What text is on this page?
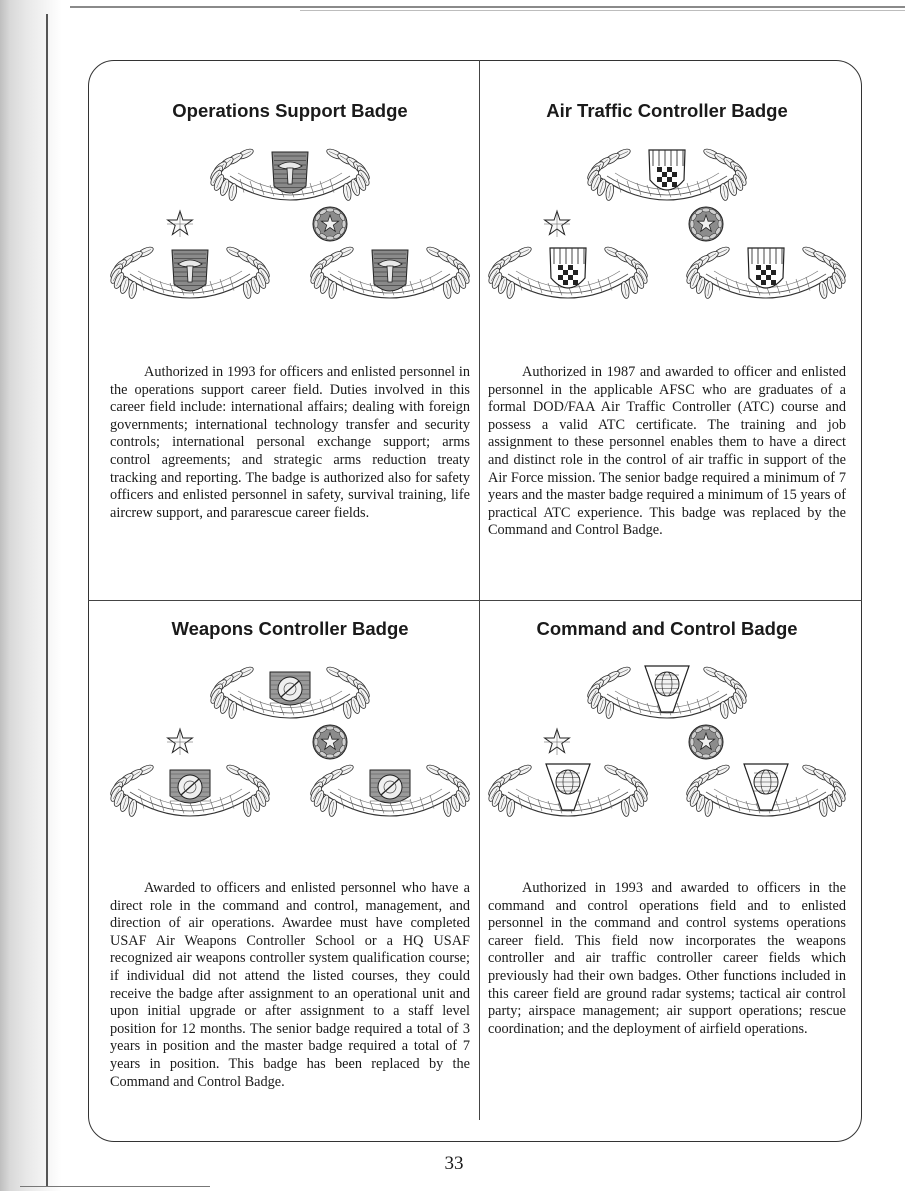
Operations Support Badge

Authorized in 1993 for officers and enlisted personnel in the operations support career field. Duties involved in this career field include: international affairs; dealing with foreign governments; international technology transfer and security controls; international personal exchange support; arms control agreements; and strategic arms reduction treaty tracking and reporting. The badge is authorized also for safety officers and enlisted personnel in safety, survival training, life aircrew support, and pararescue career fields.

Air Traffic Controller Badge

Authorized in 1987 and awarded to officer and enlisted personnel in the applicable AFSC who are graduates of a formal DOD/FAA Air Traffic Controller (ATC) course and possess a valid ATC certificate. The training and job assignment to these personnel enables them to have a direct and distinct role in the control of air traffic in support of the Air Force mission. The senior badge required a minimum of 7 years and the master badge required a minimum of 15 years of practical ATC experience. This badge was replaced by the Command and Control Badge.

Weapons Controller Badge

Awarded to officers and enlisted personnel who have a direct role in the command and control, management, and direction of air operations. Awardee must have completed USAF Air Weapons Controller School or a HQ USAF recognized air weapons controller system qualification course; if individual did not attend the listed courses, they could receive the badge after assignment to an operational unit and upon initial upgrade or after assignment to a staff level position for 12 months. The senior badge required a total of 3 years in position and the master badge required a total of 7 years in position. This badge has been replaced by the Command and Control Badge.

Command and Control Badge

Authorized in 1993 and awarded to officers in the command and control operations field and to enlisted personnel in the command and control systems operations career field. This field now incorporates the weapons controller and air traffic controller career fields which previously had their own badges. Other functions included in this career field are ground radar systems; tactical air control party; airspace management; air support operations; rescue coordination; and the deployment of airfield operations.

33
